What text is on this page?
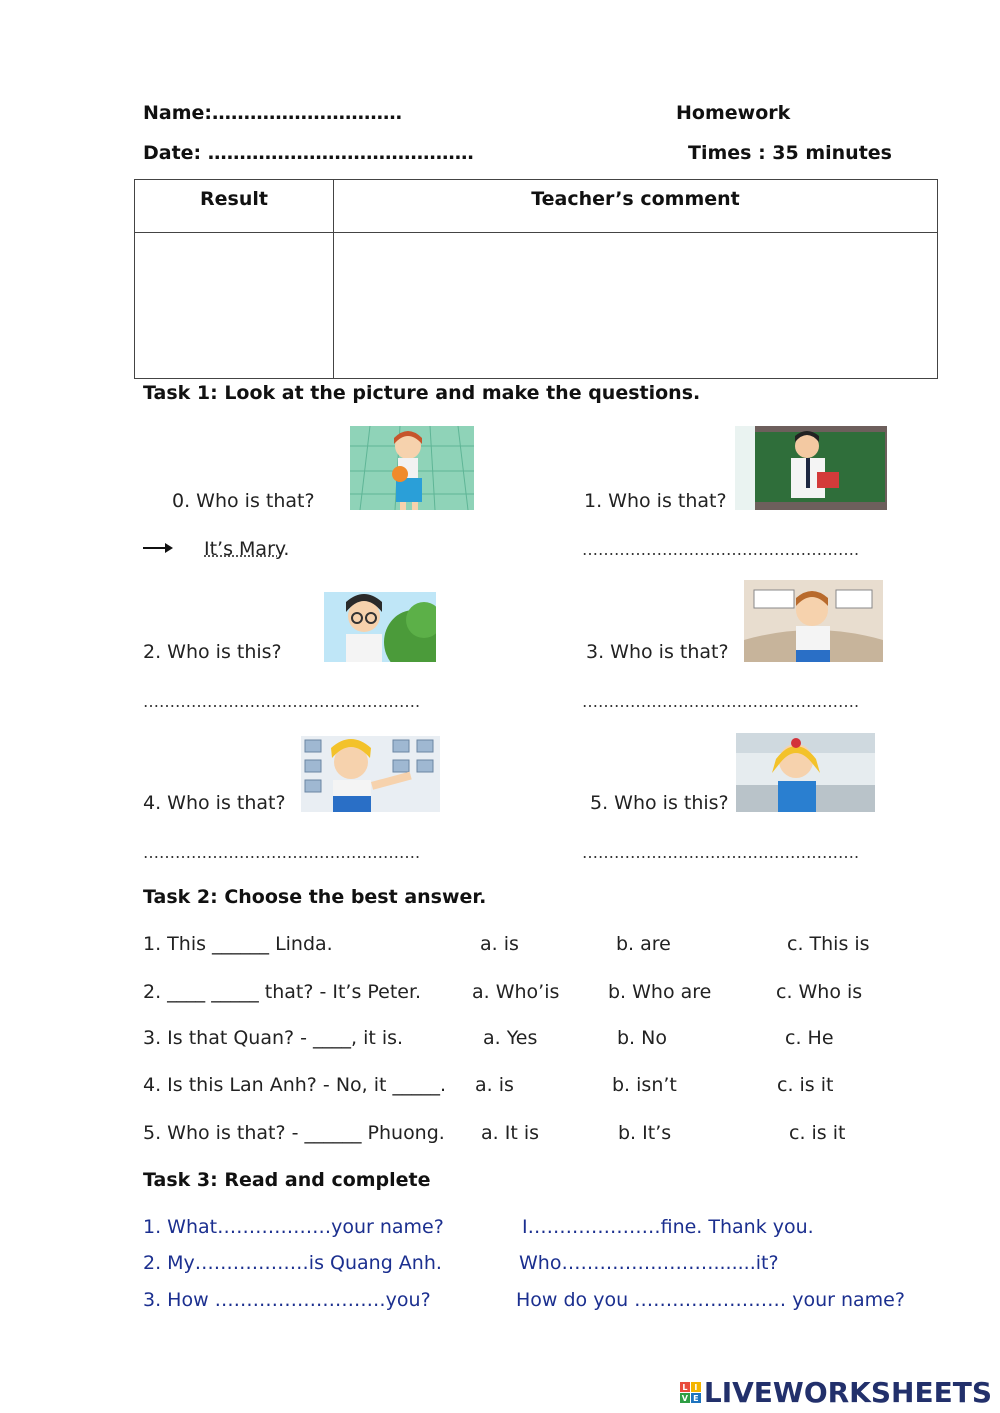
Name:…………………………	Homework
Date: ……………………………………	Times : 35 minutes
Result	Teacher’s comment

Task 1: Look at the picture and make the questions.
0. Who is that?
It’s Mary.
1. Who is that?
…………………………………………….
2. Who is this?
…………………………………………….
3. Who is that?
…………………………………………….
4. Who is that?
…………………………………………….
5. Who is this?
…………………………………………….
Task 2: Choose the best answer.
1. This ______ Linda.	a. is	b. are	c. This is
2. ____ _____ that? - It’s Peter.	a. Who’is	b. Who are	c. Who is
3. Is that Quan? - ____, it is.	a. Yes	b. No	c. He
4. Is this Lan Anh? - No, it _____. a. is	b. isn’t	c. is it
5. Who is that? - ______ Phuong. a. It is	b. It’s	c. is it
Task 3: Read and complete
1. What………………your name?	I…………………fine. Thank you.
2. My………………is Quang Anh.	Who…………………….......it?
3. How ………………………you?	How do you …………………… your name?
L I
V E LIVEWORKSHEETS
